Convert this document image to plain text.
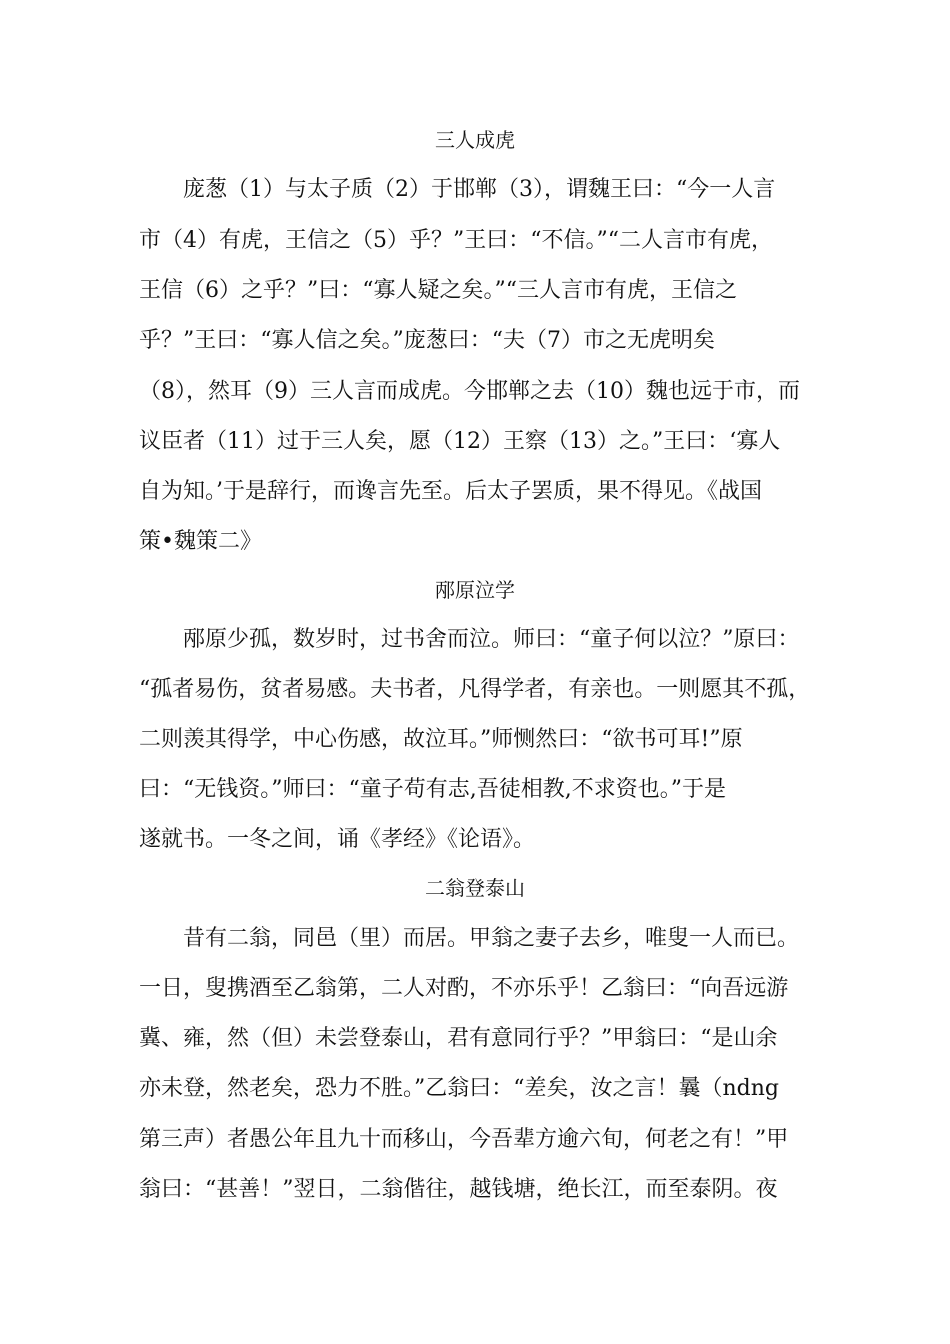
三人成虎

庞葱（1）与太子质（2）于邯郸（3），谓魏王曰：“今一人言

市（4）有虎，王信之（5）乎？”王曰：“不信。”“二人言市有虎，

王信（6）之乎？”曰：“寡人疑之矣。”“三人言市有虎，王信之

乎？”王曰：“寡人信之矣。”庞葱曰：“夫（7）市之无虎明矣

（8），然耳（9）三人言而成虎。今邯郸之去（10）魏也远于市，而

议臣者（11）过于三人矣，愿（12）王察（13）之。”王曰：‘寡人

自为知。’于是辞行，而谗言先至。后太子罢质，果不得见。《战国

策•魏策二》

邴原泣学

邴原少孤，数岁时，过书舍而泣。师曰：“童子何以泣？”原曰：

“孤者易伤，贫者易感。夫书者，凡得学者，有亲也。一则愿其不孤，

二则羡其得学，中心伤感，故泣耳。”师恻然曰：“欲书可耳!”原

曰：“无钱资。”师曰：“童子苟有志,吾徒相教,不求资也。”于是

遂就书。一冬之间，诵《孝经》《论语》。

二翁登泰山

昔有二翁，同邑（里）而居。甲翁之妻子去乡，唯叟一人而已。

一日，叟携酒至乙翁第，二人对酌，不亦乐乎！乙翁曰：“向吾远游

冀、雍，然（但）未尝登泰山，君有意同行乎？”甲翁曰：“是山余

亦未登，然老矣，恐力不胜。”乙翁曰：“差矣，汝之言！曩（ndng

第三声）者愚公年且九十而移山，今吾辈方逾六旬，何老之有！”甲

翁曰：“甚善！”翌日，二翁偕往，越钱塘，绝长江，而至泰阴。夜
